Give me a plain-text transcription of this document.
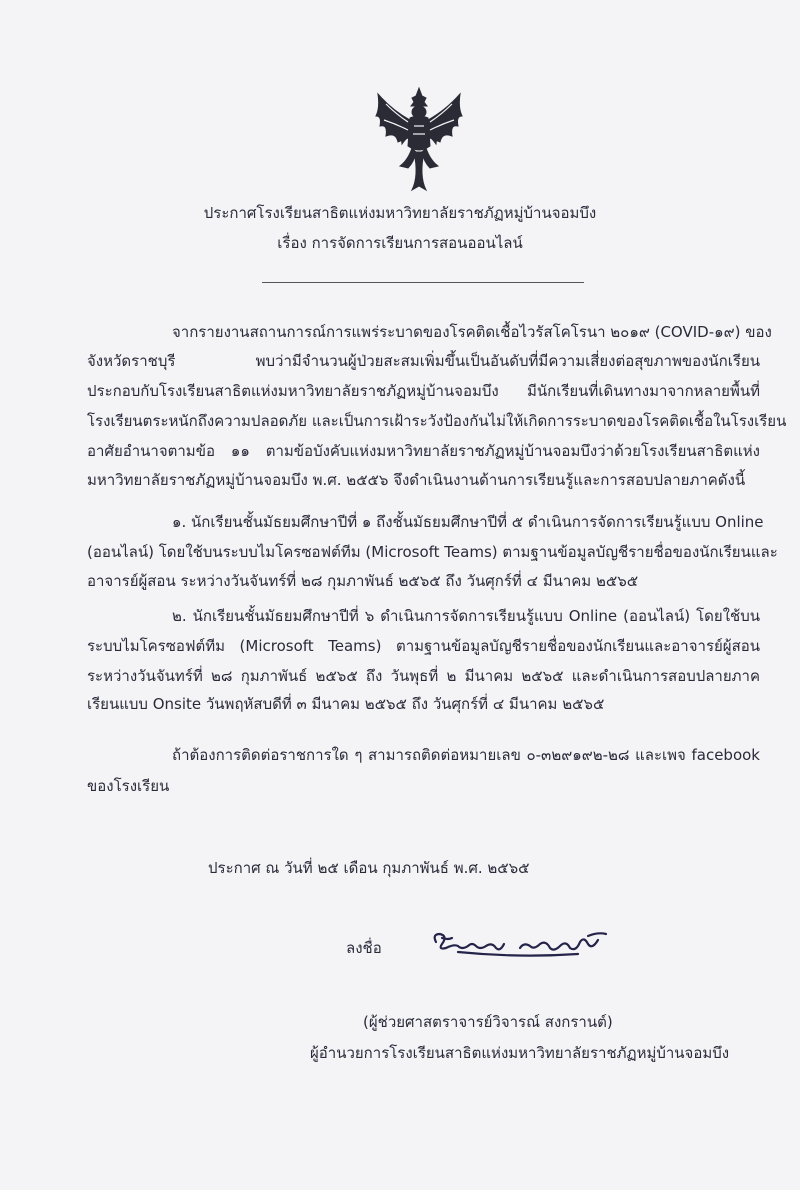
ประกาศโรงเรียนสาธิตแห่งมหาวิทยาลัยราชภัฏหมู่บ้านจอมบึง
เรื่อง การจัดการเรียนการสอนออนไลน์
จากรายงานสถานการณ์การแพร่ระบาดของโรคติดเชื้อไวรัสโคโรนา ๒๐๑๙ (COVID-๑๙) ของ
จังหวัดราชบุรี พบว่ามีจำนวนผู้ป่วยสะสมเพิ่มขึ้นเป็นอันดับที่มีความเสี่ยงต่อสุขภาพของนักเรียน
ประกอบกับโรงเรียนสาธิตแห่งมหาวิทยาลัยราชภัฏหมู่บ้านจอมบึง มีนักเรียนที่เดินทางมาจากหลายพื้นที่
โรงเรียนตระหนักถึงความปลอดภัย และเป็นการเฝ้าระวังป้องกันไม่ให้เกิดการระบาดของโรคติดเชื้อในโรงเรียน
อาศัยอำนาจตามข้อ ๑๑ ตามข้อบังคับแห่งมหาวิทยาลัยราชภัฏหมู่บ้านจอมบึงว่าด้วยโรงเรียนสาธิตแห่ง
มหาวิทยาลัยราชภัฏหมู่บ้านจอมบึง พ.ศ. ๒๕๕๖ จึงดำเนินงานด้านการเรียนรู้และการสอบปลายภาคดังนี้
๑. นักเรียนชั้นมัธยมศึกษาปีที่ ๑ ถึงชั้นมัธยมศึกษาปีที่ ๕ ดำเนินการจัดการเรียนรู้แบบ Online
(ออนไลน์) โดยใช้บนระบบไมโครซอฟต์ทีม (Microsoft Teams) ตามฐานข้อมูลบัญชีรายชื่อของนักเรียนและ
อาจารย์ผู้สอน ระหว่างวันจันทร์ที่ ๒๘ กุมภาพันธ์ ๒๕๖๕ ถึง วันศุกร์ที่ ๔ มีนาคม ๒๕๖๕
๒. นักเรียนชั้นมัธยมศึกษาปีที่ ๖ ดำเนินการจัดการเรียนรู้แบบ Online (ออนไลน์) โดยใช้บน
ระบบไมโครซอฟต์ทีม (Microsoft Teams) ตามฐานข้อมูลบัญชีรายชื่อของนักเรียนและอาจารย์ผู้สอน
ระหว่างวันจันทร์ที่ ๒๘ กุมภาพันธ์ ๒๕๖๕ ถึง วันพุธที่ ๒ มีนาคม ๒๕๖๕ และดำเนินการสอบปลายภาค
เรียนแบบ Onsite วันพฤหัสบดีที่ ๓ มีนาคม ๒๕๖๕ ถึง วันศุกร์ที่ ๔ มีนาคม ๒๕๖๕
ถ้าต้องการติดต่อราชการใด ๆ สามารถติดต่อหมายเลข ๐-๓๒๙๑๙๒-๒๘ และเพจ facebook
ของโรงเรียน
ประกาศ ณ วันที่ ๒๕ เดือน กุมภาพันธ์ พ.ศ. ๒๕๖๕
ลงชื่อ
(ผู้ช่วยศาสตราจารย์วิจารณ์ สงกรานต์)
ผู้อำนวยการโรงเรียนสาธิตแห่งมหาวิทยาลัยราชภัฏหมู่บ้านจอมบึง
